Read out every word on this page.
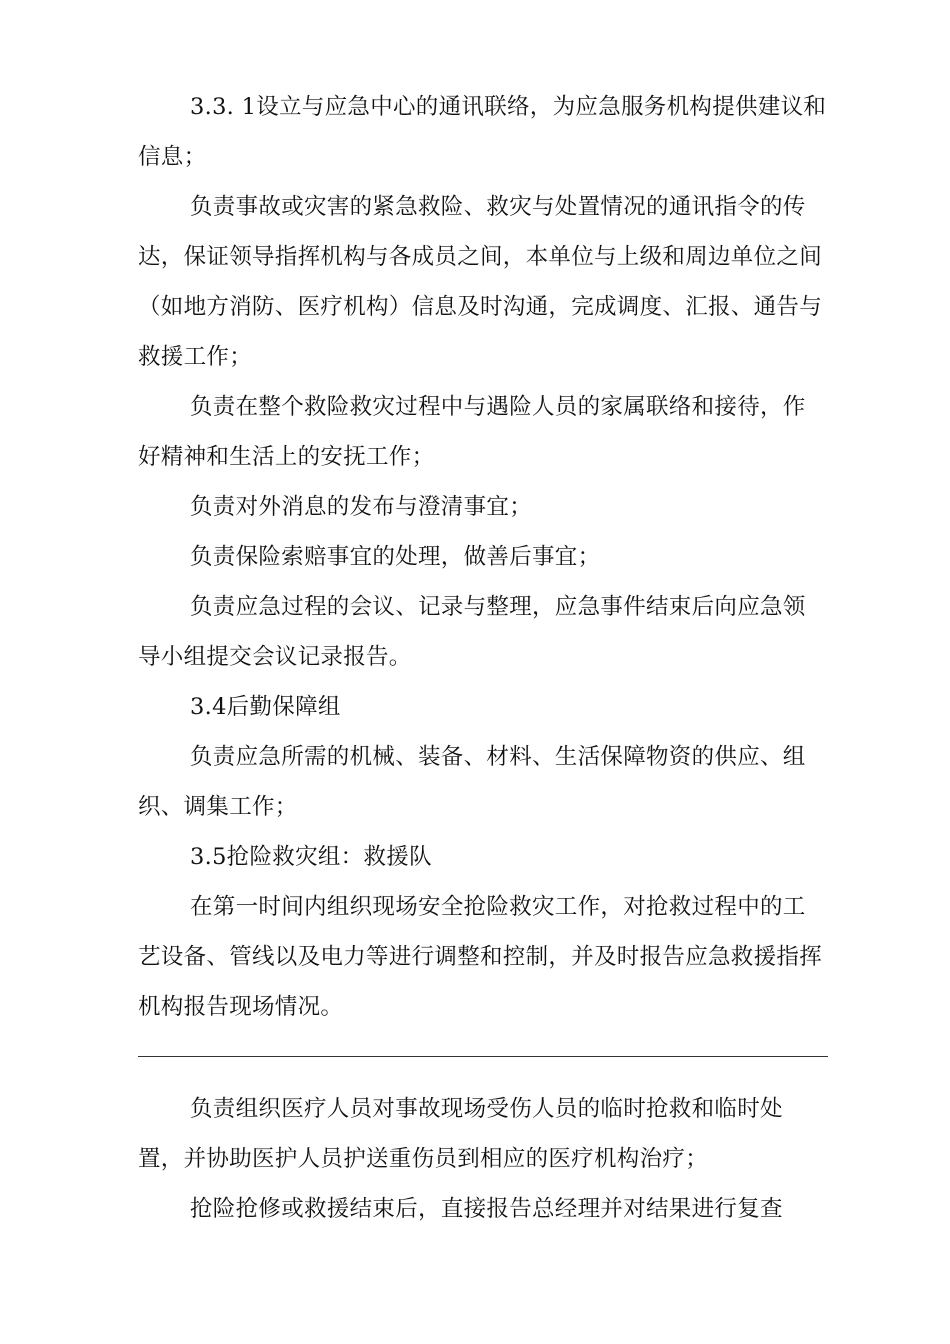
3.3. 1设立与应急中心的通讯联络，为应急服务机构提供建议和信息；

负责事故或灾害的紧急救险、救灾与处置情况的通讯指令的传达，保证领导指挥机构与各成员之间，本单位与上级和周边单位之间（如地方消防、医疗机构）信息及时沟通，完成调度、汇报、通告与救援工作；

负责在整个救险救灾过程中与遇险人员的家属联络和接待，作好精神和生活上的安抚工作；

负责对外消息的发布与澄清事宜；

负责保险索赔事宜的处理，做善后事宜；

负责应急过程的会议、记录与整理，应急事件结束后向应急领导小组提交会议记录报告。

3.4后勤保障组

负责应急所需的机械、装备、材料、生活保障物资的供应、组织、调集工作；

3.5抢险救灾组：救援队

在第一时间内组织现场安全抢险救灾工作，对抢救过程中的工艺设备、管线以及电力等进行调整和控制，并及时报告应急救援指挥机构报告现场情况。

负责组织医疗人员对事故现场受伤人员的临时抢救和临时处置，并协助医护人员护送重伤员到相应的医疗机构治疗；

抢险抢修或救援结束后，直接报告总经理并对结果进行复查
